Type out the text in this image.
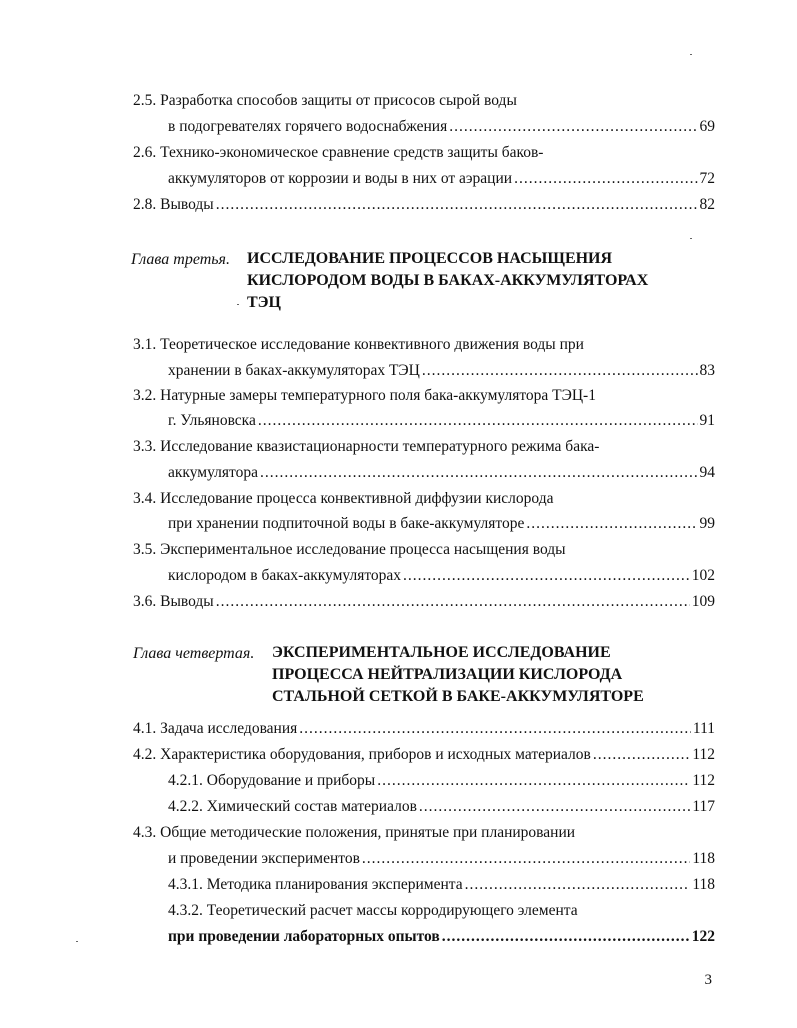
2.5. Разработка способов защиты от присосов сырой воды
в подогревателях горячего водоснабжения .....	69
2.6. Технико-экономическое сравнение средств защиты баков-
аккумуляторов от коррозии и воды в них от аэрации .....	72
2.8. Выводы .....	82
Глава третья. ИССЛЕДОВАНИЕ ПРОЦЕССОВ НАСЫЩЕНИЯ
КИСЛОРОДОМ ВОДЫ В БАКАХ-АККУМУЛЯТОРАХ
ТЭЦ
3.1. Теоретическое исследование конвективного движения воды при
хранении в баках-аккумуляторах ТЭЦ .....	83
3.2. Натурные замеры температурного поля бака-аккумулятора ТЭЦ-1
г. Ульяновска .....	91
3.3. Исследование квазистационарности температурного режима бака-
аккумулятора .....	94
3.4. Исследование процесса конвективной диффузии кислорода
при хранении подпиточной воды в баке-аккумуляторе .....	99
3.5. Экспериментальное исследование процесса насыщения воды
кислородом в баках-аккумуляторах .....	102
3.6. Выводы .....	109
Глава четвертая. ЭКСПЕРИМЕНТАЛЬНОЕ ИССЛЕДОВАНИЕ
ПРОЦЕССА НЕЙТРАЛИЗАЦИИ КИСЛОРОДА
СТАЛЬНОЙ СЕТКОЙ В БАКЕ-АККУМУЛЯТОРЕ
4.1. Задача исследования .....	111
4.2. Характеристика оборудования, приборов и исходных материалов .....	112
4.2.1. Оборудование и приборы .....	112
4.2.2. Химический состав материалов .....	117
4.3. Общие методические положения, принятые при планировании
и проведении экспериментов .....	118
4.3.1. Методика планирования эксперимента .....	118
4.3.2. Теоретический расчет массы корродирующего элемента
при проведении лабораторных опытов .....	122
3
